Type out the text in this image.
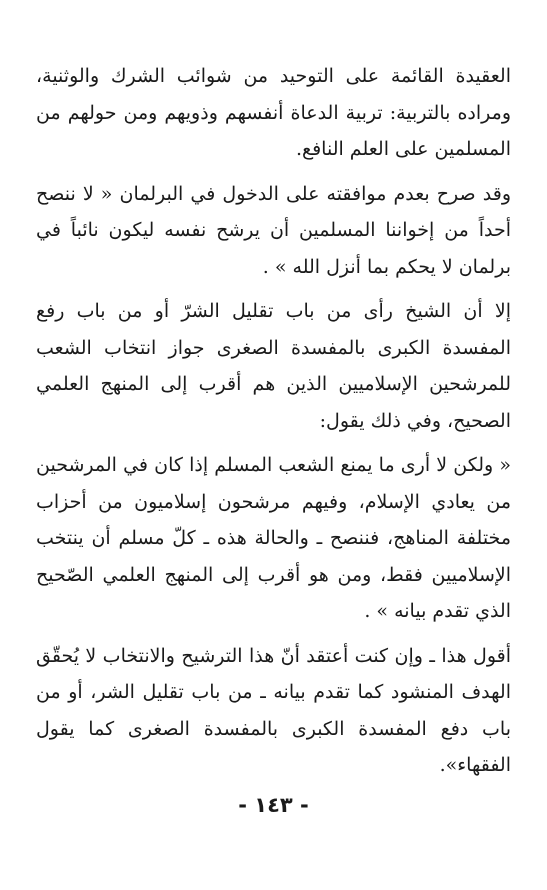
العقيدة القائمة على التوحيد من شوائب الشرك والوثنية، ومراده بالتربية: تربية الدعاة أنفسهم وذويهم ومن حولهم من المسلمين على العلم النافع.

وقد صرح بعدم موافقته على الدخول في البرلمان « لا ننصح أحداً من إخواننا المسلمين أن يرشح نفسه ليكون نائباً في برلمان لا يحكم بما أنزل الله » .

إلا أن الشيخ رأى من باب تقليل الشرّ أو من باب رفع المفسدة الكبرى بالمفسدة الصغرى جواز انتخاب الشعب للمرشحين الإسلاميين الذين هم أقرب إلى المنهج العلمي الصحيح، وفي ذلك يقول:

« ولكن لا أرى ما يمنع الشعب المسلم إذا كان في المرشحين من يعادي الإسلام، وفيهم مرشحون إسلاميون من أحزاب مختلفة المناهج، فننصح ـ والحالة هذه ـ كلّ مسلم أن ينتخب الإسلاميين فقط، ومن هو أقرب إلى المنهج العلمي الصّحيح الذي تقدم بيانه » .

أقول هذا ـ وإن كنت أعتقد أنّ هذا الترشيح والانتخاب لا يُحقّق الهدف المنشود كما تقدم بيانه ـ من باب تقليل الشر، أو من باب دفع المفسدة الكبرى بالمفسدة الصغرى كما يقول الفقهاء».

- ١٤٣ -
